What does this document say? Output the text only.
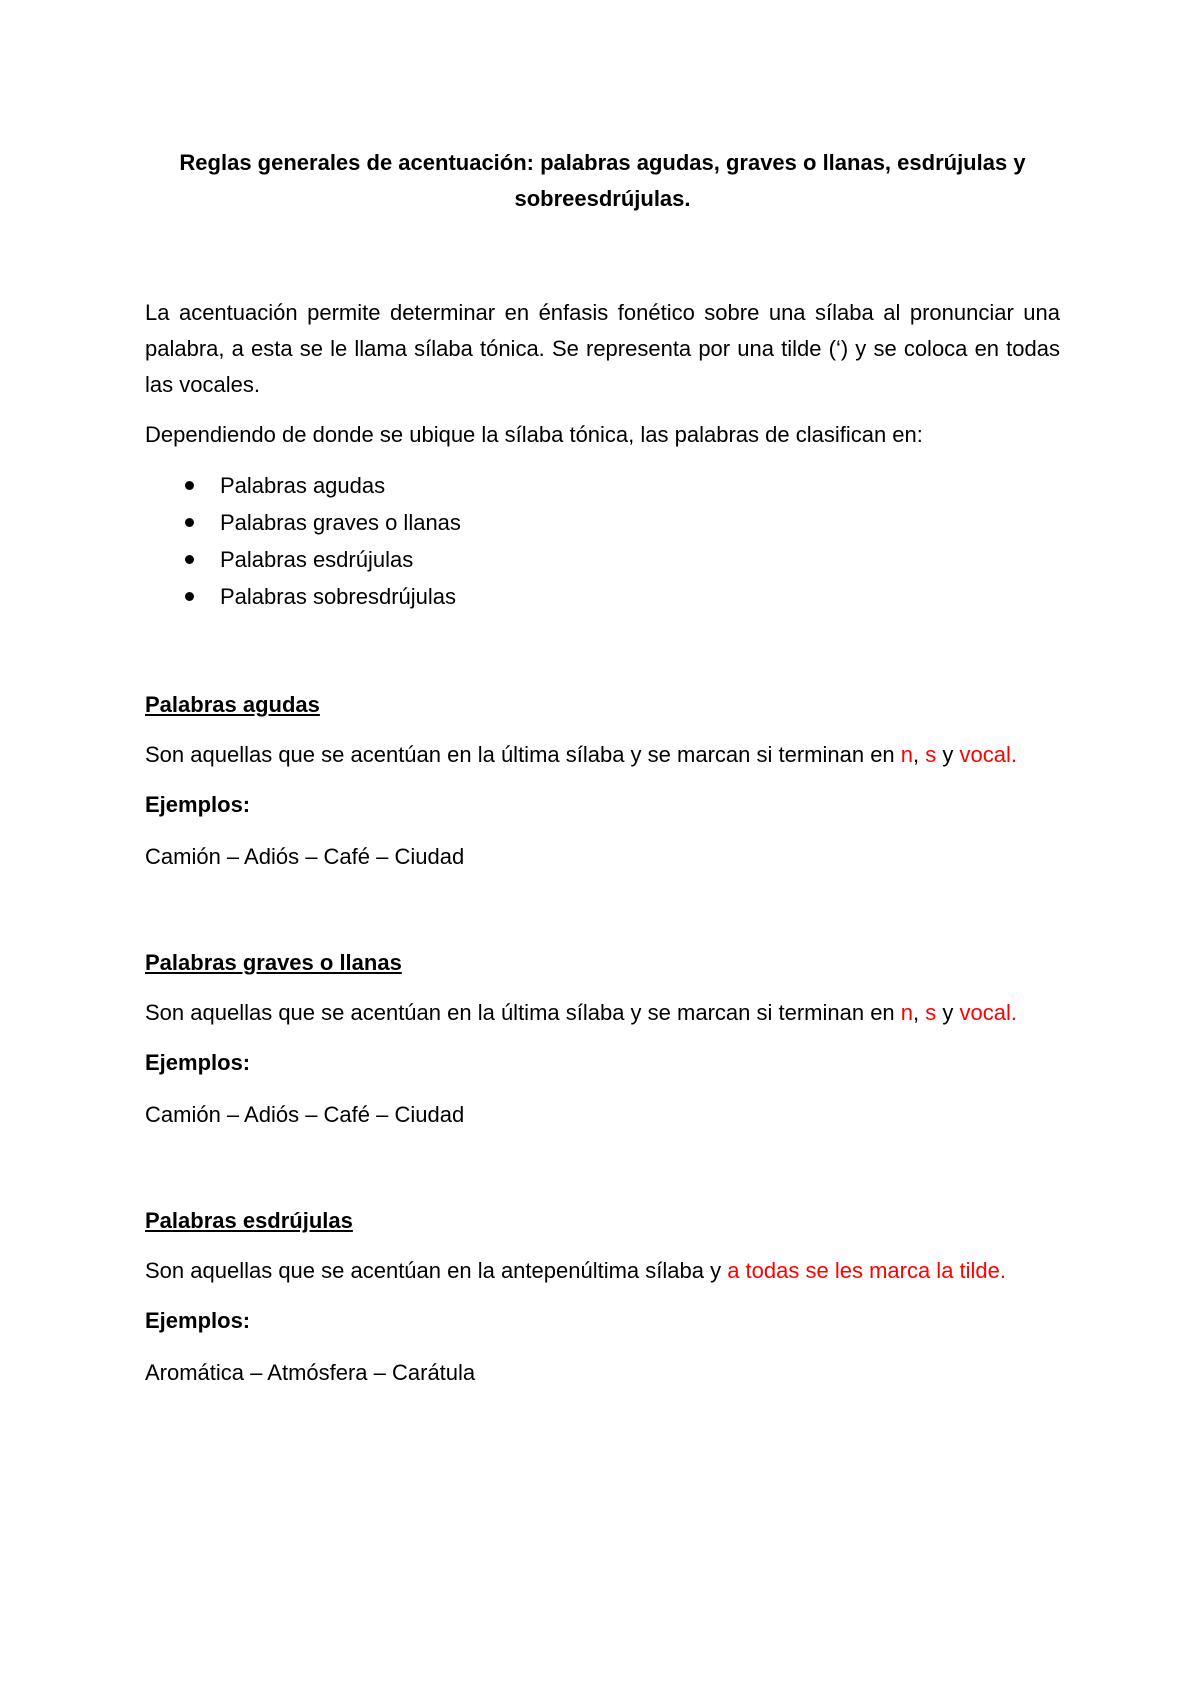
Reglas generales de acentuación: palabras agudas, graves o llanas, esdrújulas y sobreesdrújulas.

La acentuación permite determinar en énfasis fonético sobre una sílaba al pronunciar una palabra, a esta se le llama sílaba tónica. Se representa por una tilde (‘) y se coloca en todas las vocales.

Dependiendo de donde se ubique la sílaba tónica, las palabras de clasifican en:

Palabras agudas
Palabras graves o llanas
Palabras esdrújulas
Palabras sobresdrújulas

Palabras agudas

Son aquellas que se acentúan en la última sílaba y se marcan si terminan en n, s y vocal.

Ejemplos:

Camión – Adiós – Café – Ciudad

Palabras graves o llanas

Son aquellas que se acentúan en la última sílaba y se marcan si terminan en n, s y vocal.

Ejemplos:

Camión – Adiós – Café – Ciudad

Palabras esdrújulas

Son aquellas que se acentúan en la antepenúltima sílaba y a todas se les marca la tilde.

Ejemplos:

Aromática – Atmósfera – Carátula
